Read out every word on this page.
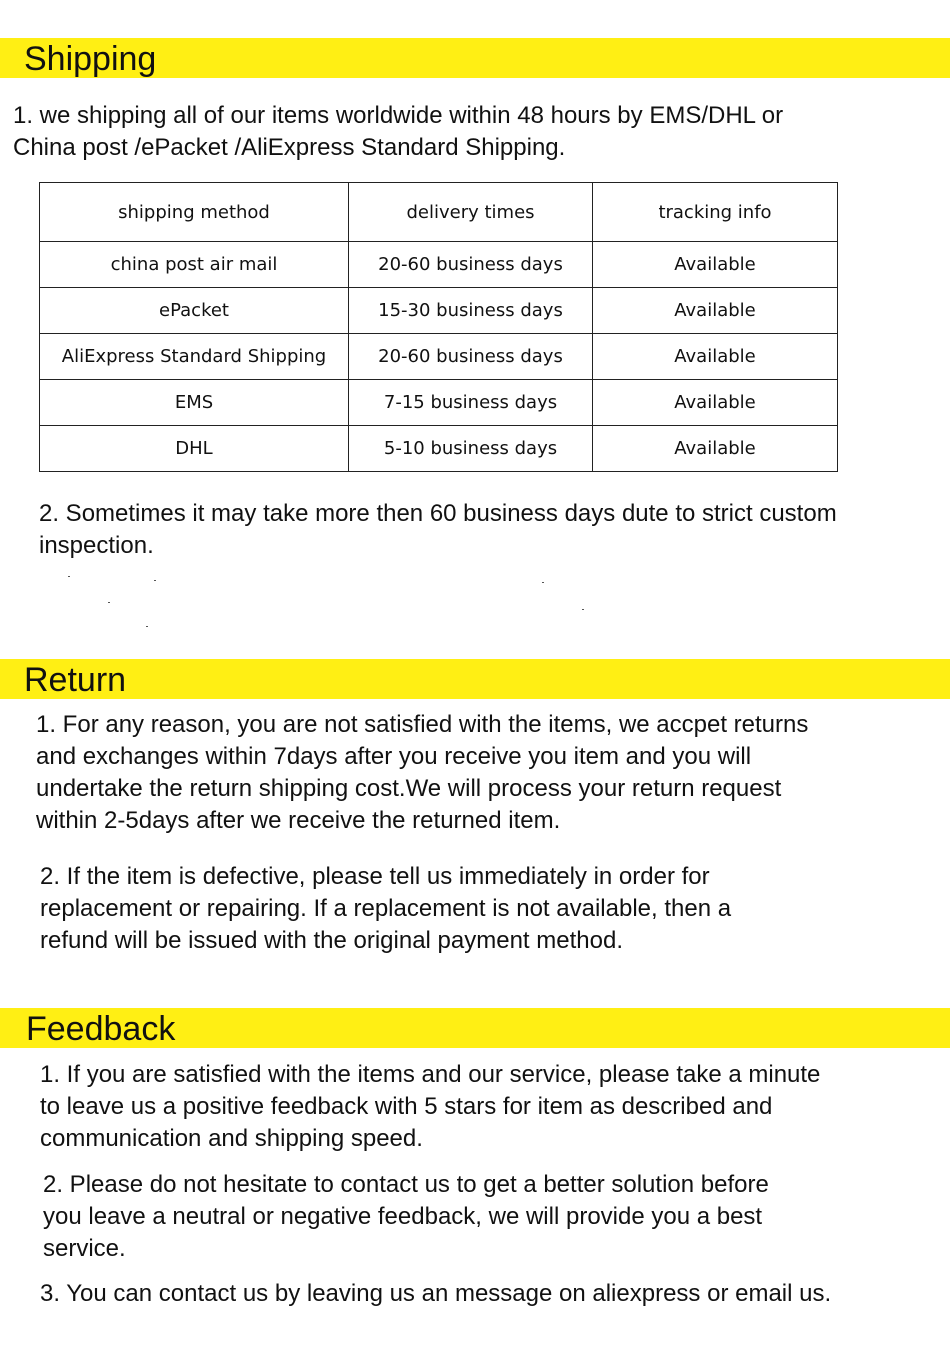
Shipping

1. we shipping all of our items worldwide within 48 hours by EMS/DHL or
China post /ePacket /AliExpress Standard Shipping.

shipping method	delivery times	tracking info
china post air mail	20-60 business days	Available
ePacket	15-30 business days	Available
AliExpress Standard Shipping	20-60 business days	Available
EMS	7-15 business days	Available
DHL	5-10 business days	Available

2. Sometimes it may take more then 60 business days dute to strict custom
inspection.

Return

1. For any reason, you are not satisfied with the items, we accpet returns
and exchanges within 7days after you receive you item and you will
undertake the return shipping cost.We will process your return request
within 2-5days after we receive the returned item.

2. If the item is defective, please tell us immediately in order for
replacement or repairing. If a replacement is not available, then a
refund will be issued with the original payment method.

Feedback

1. If you are satisfied with the items and our service, please take a minute
to leave us a positive feedback with 5 stars for item as described and
communication and shipping speed.

2. Please do not hesitate to contact us to get a better solution before
you leave a neutral or negative feedback, we will provide you a best
service.

3. You can contact us by leaving us an message on aliexpress or email us.
